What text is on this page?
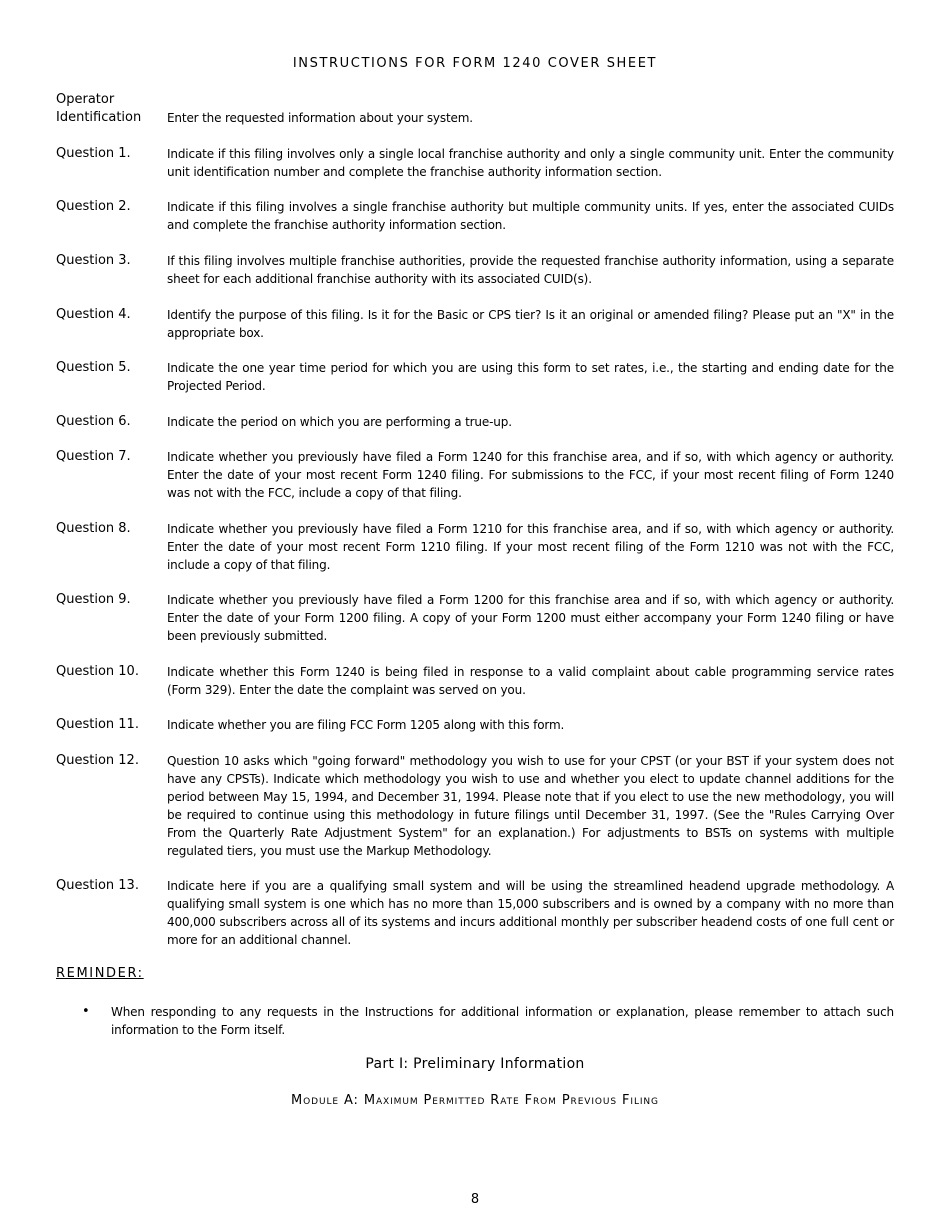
INSTRUCTIONS FOR FORM 1240 COVER SHEET
Operator
Identification	Enter the requested information about your system.
Question 1.	Indicate if this filing involves only a single local franchise authority and only a single community unit. Enter the community unit identification number and complete the franchise authority information section.
Question 2.	Indicate if this filing involves a single franchise authority but multiple community units. If yes, enter the associated CUIDs and complete the franchise authority information section.
Question 3.	If this filing involves multiple franchise authorities, provide the requested franchise authority information, using a separate sheet for each additional franchise authority with its associated CUID(s).
Question 4.	Identify the purpose of this filing. Is it for the Basic or CPS tier? Is it an original or amended filing? Please put an "X" in the appropriate box.
Question 5.	Indicate the one year time period for which you are using this form to set rates, i.e., the starting and ending date for the Projected Period.
Question 6.	Indicate the period on which you are performing a true-up.
Question 7.	Indicate whether you previously have filed a Form 1240 for this franchise area, and if so, with which agency or authority. Enter the date of your most recent Form 1240 filing. For submissions to the FCC, if your most recent filing of Form 1240 was not with the FCC, include a copy of that filing.
Question 8.	Indicate whether you previously have filed a Form 1210 for this franchise area, and if so, with which agency or authority. Enter the date of your most recent Form 1210 filing. If your most recent filing of the Form 1210 was not with the FCC, include a copy of that filing.
Question 9.	Indicate whether you previously have filed a Form 1200 for this franchise area and if so, with which agency or authority. Enter the date of your Form 1200 filing. A copy of your Form 1200 must either accompany your Form 1240 filing or have been previously submitted.
Question 10.	Indicate whether this Form 1240 is being filed in response to a valid complaint about cable programming service rates (Form 329). Enter the date the complaint was served on you.
Question 11.	Indicate whether you are filing FCC Form 1205 along with this form.
Question 12.	Question 10 asks which "going forward" methodology you wish to use for your CPST (or your BST if your system does not have any CPSTs). Indicate which methodology you wish to use and whether you elect to update channel additions for the period between May 15, 1994, and December 31, 1994. Please note that if you elect to use the new methodology, you will be required to continue using this methodology in future filings until December 31, 1997. (See the "Rules Carrying Over From the Quarterly Rate Adjustment System" for an explanation.) For adjustments to BSTs on systems with multiple regulated tiers, you must use the Markup Methodology.
Question 13.	Indicate here if you are a qualifying small system and will be using the streamlined headend upgrade methodology. A qualifying small system is one which has no more than 15,000 subscribers and is owned by a company with no more than 400,000 subscribers across all of its systems and incurs additional monthly per subscriber headend costs of one full cent or more for an additional channel.
REMINDER:
• When responding to any requests in the Instructions for additional information or explanation, please remember to attach such information to the Form itself.
Part I: Preliminary Information
Module A: Maximum Permitted Rate From Previous Filing
8
